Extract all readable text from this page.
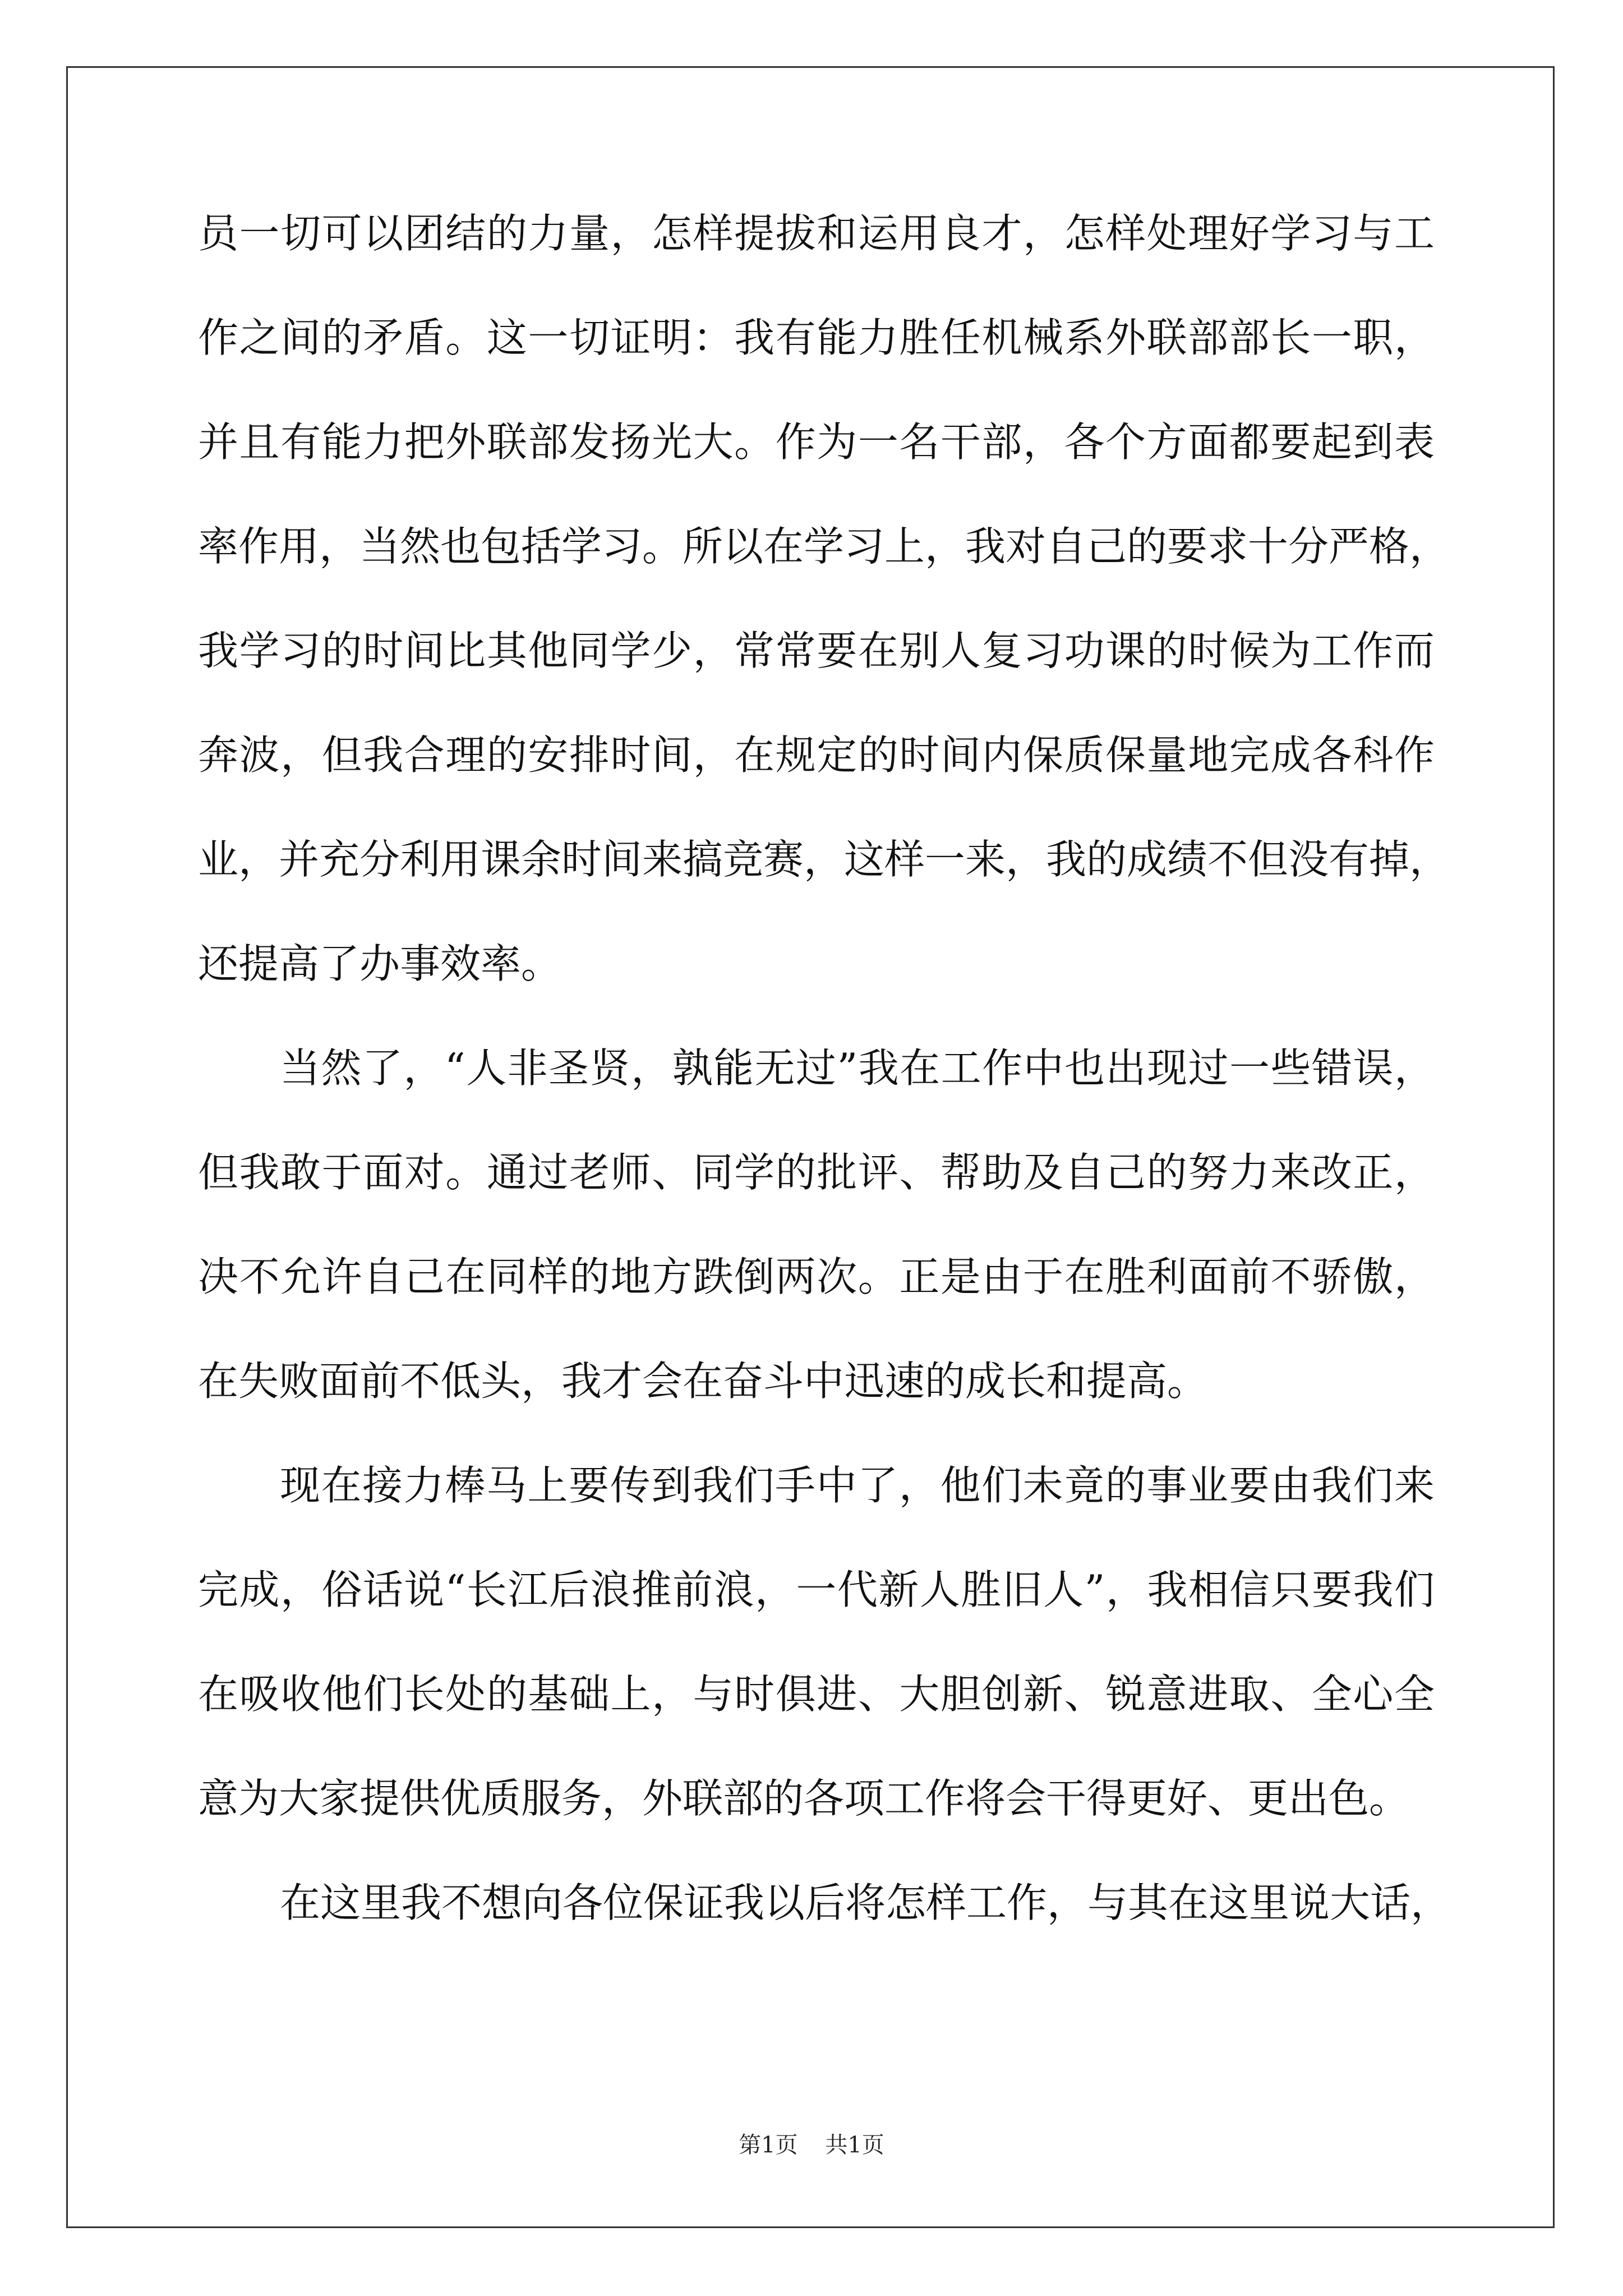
员一切可以团结的力量，怎样提拔和运用良才，怎样处理好学习与工
作之间的矛盾。这一切证明：我有能力胜任机械系外联部部长一职，
并且有能力把外联部发扬光大。作为一名干部，各个方面都要起到表
率作用，当然也包括学习。所以在学习上，我对自己的要求十分严格，
我学习的时间比其他同学少，常常要在别人复习功课的时候为工作而
奔波，但我合理的安排时间，在规定的时间内保质保量地完成各科作
业，并充分利用课余时间来搞竞赛，这样一来，我的成绩不但没有掉，
还提高了办事效率。
当然了，“人非圣贤，孰能无过”我在工作中也出现过一些错误，
但我敢于面对。通过老师、同学的批评、帮助及自己的努力来改正，
决不允许自己在同样的地方跌倒两次。正是由于在胜利面前不骄傲，
在失败面前不低头，我才会在奋斗中迅速的成长和提高。
现在接力棒马上要传到我们手中了，他们未竟的事业要由我们来
完成，俗话说“长江后浪推前浪，一代新人胜旧人”，我相信只要我们
在吸收他们长处的基础上，与时俱进、大胆创新、锐意进取、全心全
意为大家提供优质服务，外联部的各项工作将会干得更好、更出色。
在这里我不想向各位保证我以后将怎样工作，与其在这里说大话，
第1页 共1页
